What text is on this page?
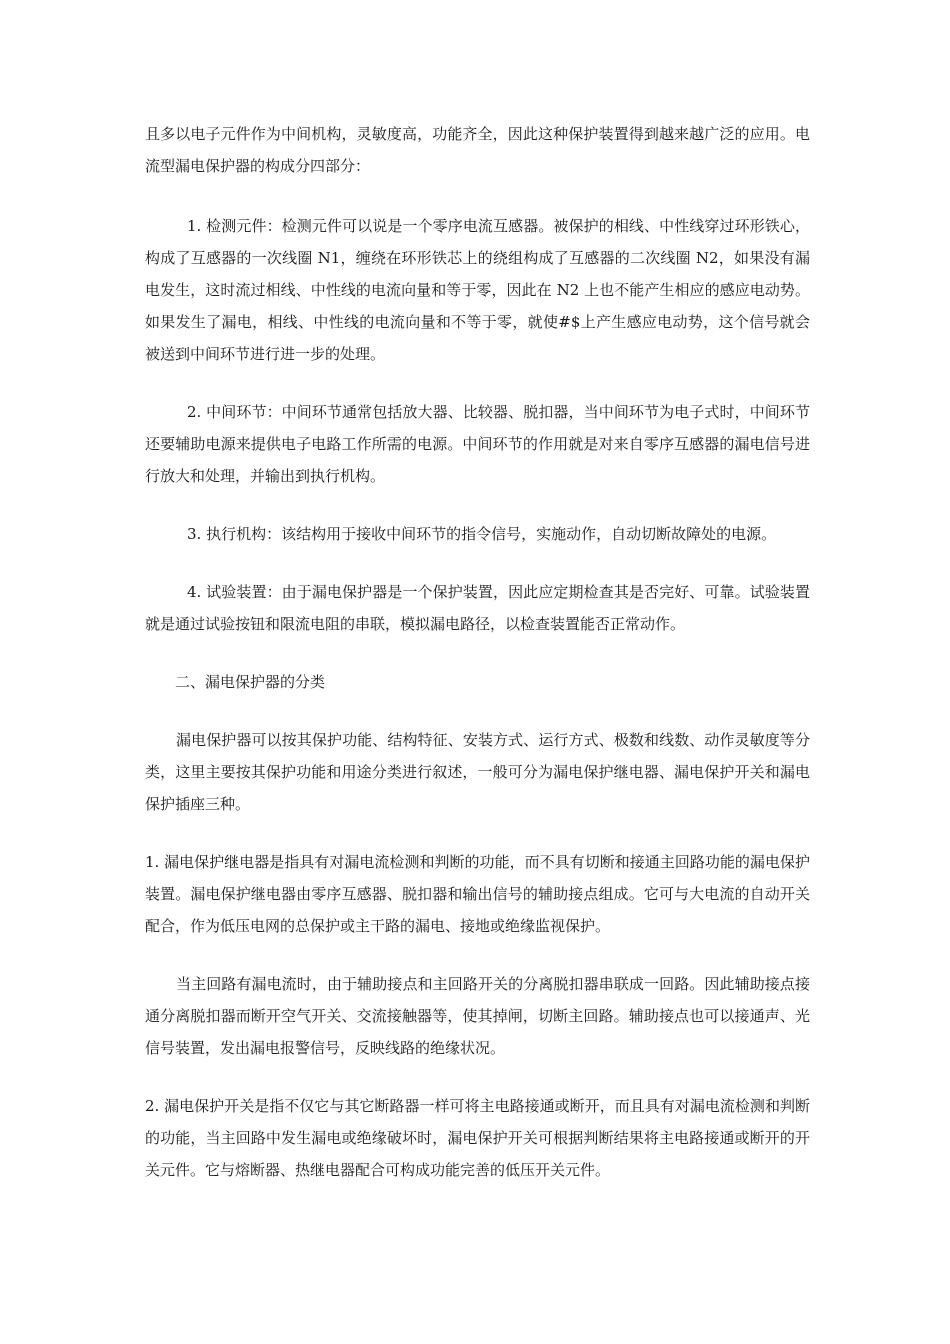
且多以电子元件作为中间机构，灵敏度高，功能齐全，因此这种保护装置得到越来越广泛的应用。电流型漏电保护器的构成分四部分：

1. 检测元件：检测元件可以说是一个零序电流互感器。被保护的相线、中性线穿过环形铁心，构成了互感器的一次线圈 N1，缠绕在环形铁芯上的绕组构成了互感器的二次线圈 N2，如果没有漏电发生，这时流过相线、中性线的电流向量和等于零，因此在 N2 上也不能产生相应的感应电动势。如果发生了漏电，相线、中性线的电流向量和不等于零，就使#$上产生感应电动势，这个信号就会被送到中间环节进行进一步的处理。

2. 中间环节：中间环节通常包括放大器、比较器、脱扣器，当中间环节为电子式时，中间环节还要辅助电源来提供电子电路工作所需的电源。中间环节的作用就是对来自零序互感器的漏电信号进行放大和处理，并输出到执行机构。

3. 执行机构：该结构用于接收中间环节的指令信号，实施动作，自动切断故障处的电源。

4. 试验装置：由于漏电保护器是一个保护装置，因此应定期检查其是否完好、可靠。试验装置就是通过试验按钮和限流电阻的串联，模拟漏电路径，以检查装置能否正常动作。

二、漏电保护器的分类

漏电保护器可以按其保护功能、结构特征、安装方式、运行方式、极数和线数、动作灵敏度等分类，这里主要按其保护功能和用途分类进行叙述，一般可分为漏电保护继电器、漏电保护开关和漏电保护插座三种。

1. 漏电保护继电器是指具有对漏电流检测和判断的功能，而不具有切断和接通主回路功能的漏电保护装置。漏电保护继电器由零序互感器、脱扣器和输出信号的辅助接点组成。它可与大电流的自动开关配合，作为低压电网的总保护或主干路的漏电、接地或绝缘监视保护。

当主回路有漏电流时，由于辅助接点和主回路开关的分离脱扣器串联成一回路。因此辅助接点接通分离脱扣器而断开空气开关、交流接触器等，使其掉闸，切断主回路。辅助接点也可以接通声、光信号装置，发出漏电报警信号，反映线路的绝缘状况。

2. 漏电保护开关是指不仅它与其它断路器一样可将主电路接通或断开，而且具有对漏电流检测和判断的功能，当主回路中发生漏电或绝缘破坏时，漏电保护开关可根据判断结果将主电路接通或断开的开关元件。它与熔断器、热继电器配合可构成功能完善的低压开关元件。
